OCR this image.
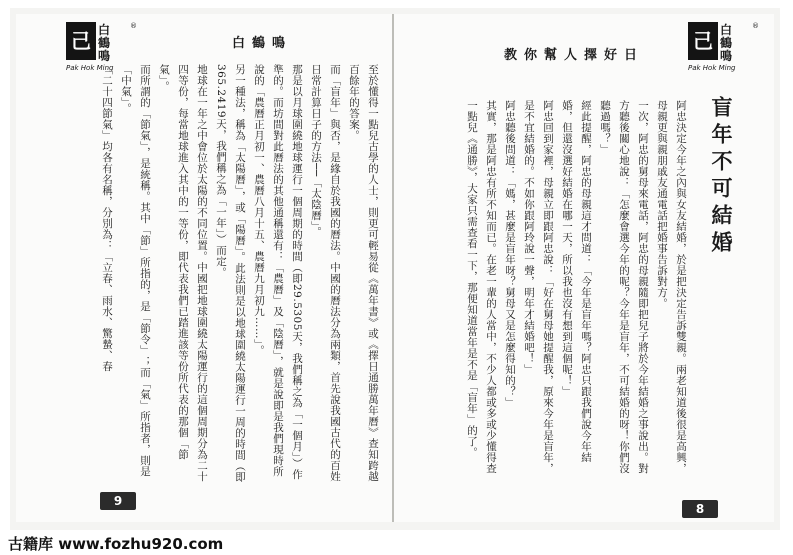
白鶴鳴

至於懂得一點兒古學的人士，則更可輕易從《萬年書》或《擇日通勝萬年曆》查知跨越百餘年的答案。

而「盲年」與否，是緣自於我國的曆法。中國的曆法分為兩類，首先說我國古代的百姓日常計算日子的方法──「太陰曆」。

那是以月球圍繞地球運行一個周期的時間（即29.5305天，我們稱之為「一個月」）作準的。而坊間對此曆法的其他通稱還有：「農曆」及「陰曆」，就是說即是我們現時所說的「農曆正月初一、農曆八月十五、農曆九月初九……」。

另一種法，稱為「太陽曆」，或「陽曆」。此法則是以地球圍繞太陽運行一周的時間（即365.2419天，我們稱之為「一年」）而定。

地球在一年之中會位於太陽的不同位置。中國把地球圍繞太陽運行的這個周期分為二十四等份，每當地球進入其中的一等份，即代表我們已踏進該等份所代表的那個「節氣」。

而所謂的「節氣」，是統稱。其中「節」所指的，是「節令」；而「氣」所指者，則是「中氣」。

「二十四節氣」均各有名稱，分別為：「立春、雨水、驚蟄、春

己 白鶴鳴
®
Pak Hok Ming
9
教你幫人擇好日
己 白鶴鳴
®
Pak Hok Ming
盲年不可結婚

阿忠決定今年之內與女友結婚，於是把決定告訴雙親。兩老知道後很是高興，母親更與親朋戚友通電話把婚事告訴對方。

一次，阿忠的舅母來電話，阿忠的母親隨即把兒子將於今年結婚之事說出。對方聽後關心地說：「怎麼會選今年的呢？今年是盲年，不可結婚的呀！你們沒聽過嗎？」

經此提醒，阿忠的母親這才問道：「今年是盲年嗎？阿忠只跟我們說今年結婚，但還沒選好結婚在哪一天，所以我也沒有想到這個呢！」

阿忠回到家裡，母親立即跟阿忠說：「好在舅母她提醒我，原來今年是盲年，是不宜結婚的。不如你跟阿玲說一聲，明年才結婚吧！」

阿忠聽後問道：「媽，甚麼是盲年呀？舅母又是怎麼得知的？」

其實，那是阿忠有所不知而已。在老一輩的人當中，不少人都或多或少懂得查一點兒《通勝》，大家只需查看一下，那便知道當年是不是「盲年」的了。

8
古籍库 www.fozhu920.com
